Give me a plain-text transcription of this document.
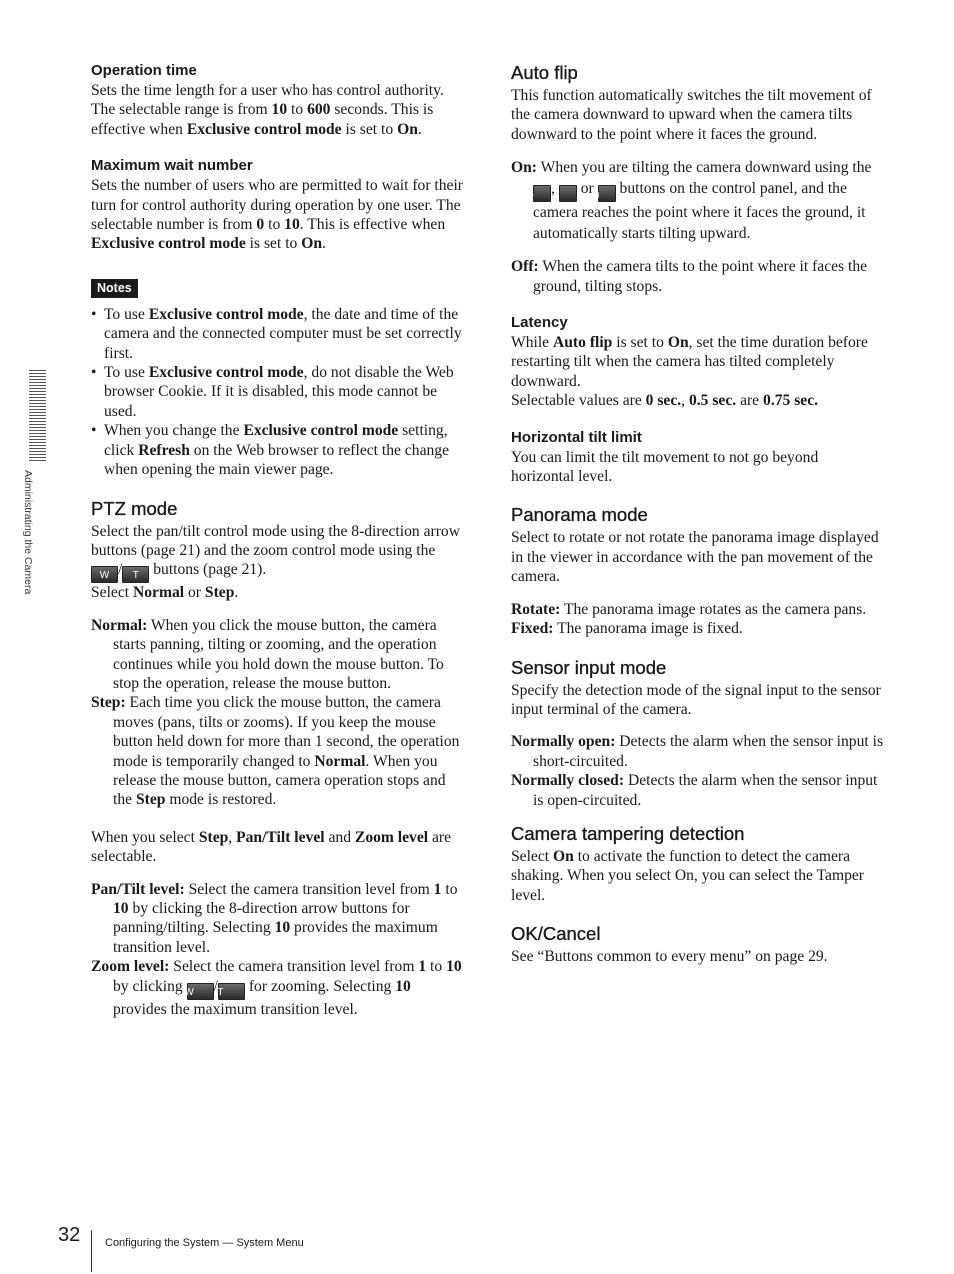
Administrating the Camera
Operation time

Sets the time length for a user who has control authority. The selectable range is from 10 to 600 seconds. This is effective when Exclusive control mode is set to On.

Maximum wait number

Sets the number of users who are permitted to wait for their turn for control authority during operation by one user. The selectable number is from 0 to 10. This is effective when Exclusive control mode is set to On.

Notes
• To use Exclusive control mode, the date and time of the camera and the connected computer must be set correctly first.
• To use Exclusive control mode, do not disable the Web browser Cookie. If it is disabled, this mode cannot be used.
• When you change the Exclusive control mode setting, click Refresh on the Web browser to reflect the change when opening the main viewer page.
PTZ mode

Select the pan/tilt control mode using the 8-direction arrow buttons (page 21) and the zoom control mode using the W / T buttons (page 21).

Select Normal or Step.

Normal: When you click the mouse button, the camera starts panning, tilting or zooming, and the operation continues while you hold down the mouse button. To stop the operation, release the mouse button.

Step: Each time you click the mouse button, the camera moves (pans, tilts or zooms). If you keep the mouse button held down for more than 1 second, the operation mode is temporarily changed to Normal. When you release the mouse button, camera operation stops and the Step mode is restored.

When you select Step, Pan/Tilt level and Zoom level are selectable.

Pan/Tilt level: Select the camera transition level from 1 to 10 by clicking the 8-direction arrow buttons for panning/tilting. Selecting 10 provides the maximum transition level.

Zoom level: Select the camera transition level from 1 to 10 by clicking W /T for zooming. Selecting 10 provides the maximum transition level.

Auto flip

This function automatically switches the tilt movement of the camera downward to upward when the camera tilts downward to the point where it faces the ground.

On: When you are tilting the camera downward using the ▶ ▼ or ◀ buttons on the control panel, and the camera reaches the point where it faces the ground, it automatically starts tilting upward.

Off: When the camera tilts to the point where it faces the ground, tilting stops.

Latency

While Auto flip is set to On, set the time duration before restarting tilt when the camera has tilted completely downward.

Selectable values are 0 sec., 0.5 sec. are 0.75 sec.

Horizontal tilt limit

You can limit the tilt movement to not go beyond horizontal level.

Panorama mode

Select to rotate or not rotate the panorama image displayed in the viewer in accordance with the pan movement of the camera.

Rotate: The panorama image rotates as the camera pans.

Fixed: The panorama image is fixed.

Sensor input mode

Specify the detection mode of the signal input to the sensor input terminal of the camera.

Normally open: Detects the alarm when the sensor input is short-circuited.

Normally closed: Detects the alarm when the sensor input is open-circuited.

Camera tampering detection

Select On to activate the function to detect the camera shaking. When you select On, you can select the Tamper level.

OK/Cancel

See “Buttons common to every menu” on page 29.

32 Configuring the System — System Menu
